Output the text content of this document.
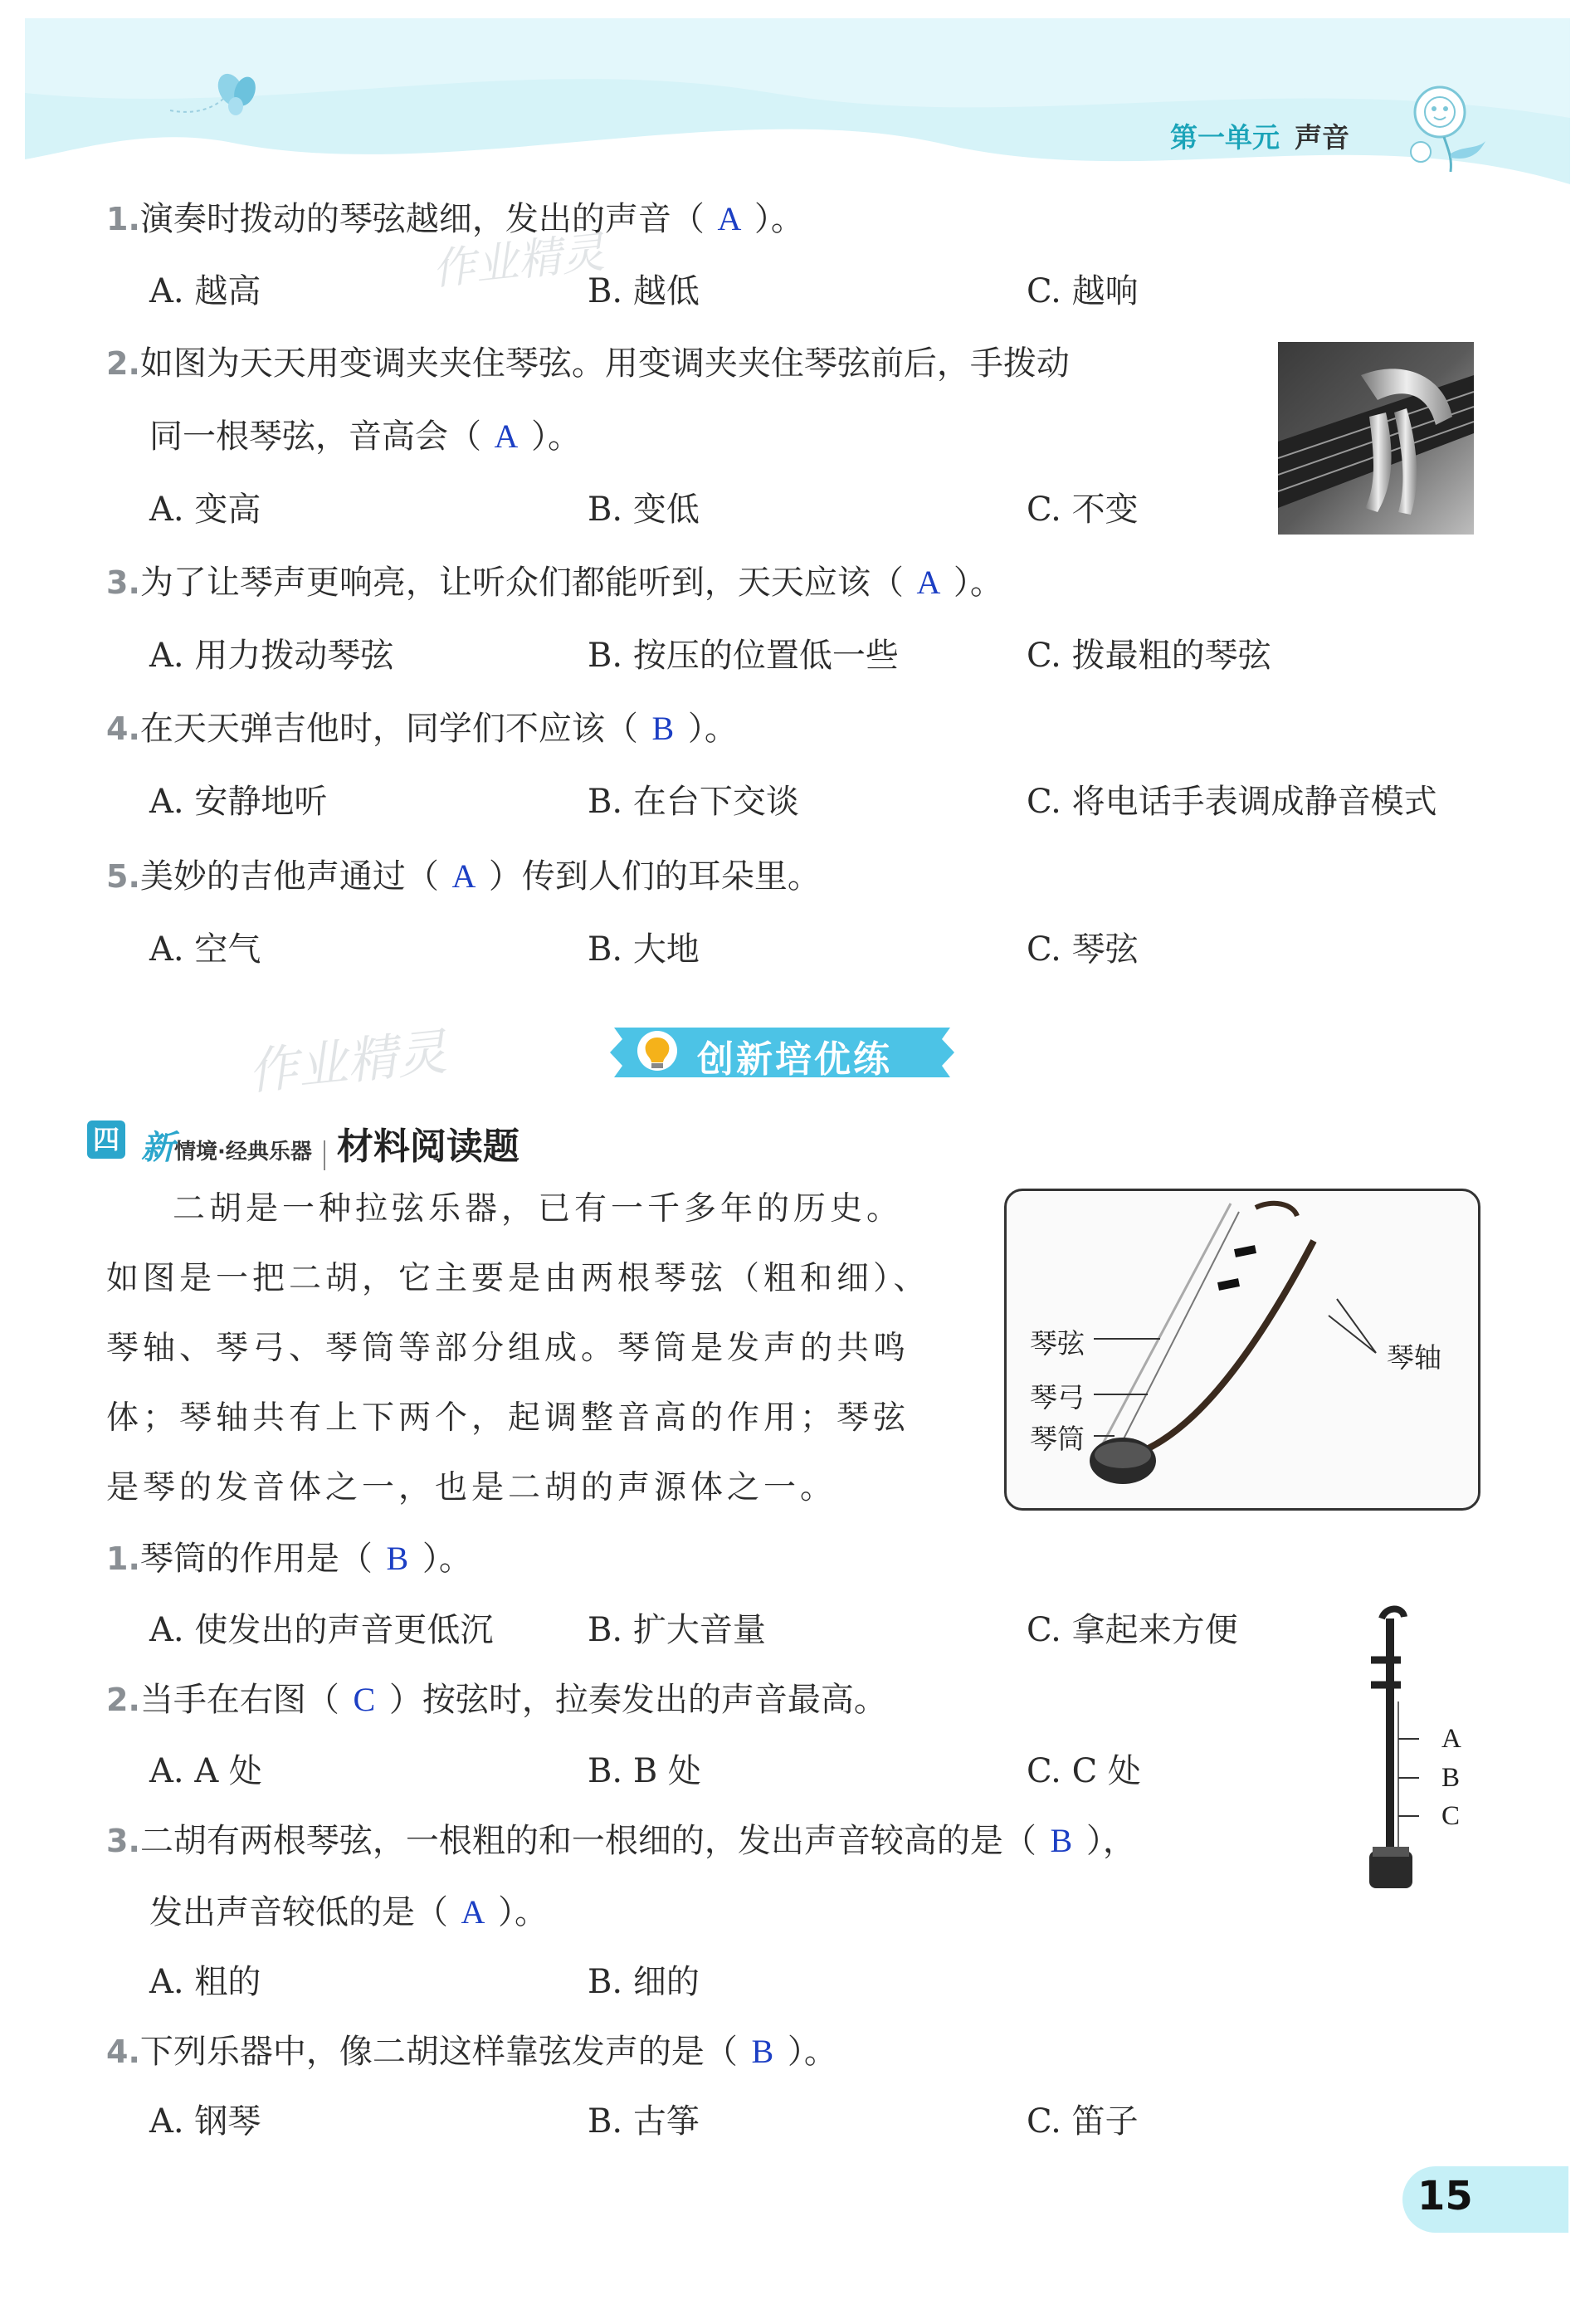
第一单元 声音
作业精灵
作业精灵
1.演奏时拨动的琴弦越细，发出的声音（ A ）。
A. 越高	B. 越低	C. 越响
2.如图为天天用变调夹夹住琴弦。用变调夹夹住琴弦前后，手拨动
同一根琴弦，音高会（ A ）。
A. 变高	B. 变低	C. 不变
3.为了让琴声更响亮，让听众们都能听到，天天应该（ A ）。
A. 用力拨动琴弦	B. 按压的位置低一些	C. 拨最粗的琴弦
4.在天天弹吉他时，同学们不应该（ B ）。
A. 安静地听	B. 在台下交谈	C. 将电话手表调成静音模式
5.美妙的吉他声通过（ A ）传到人们的耳朵里。
A. 空气	B. 大地	C. 琴弦
创新培优练
四 新情境·经典乐器 材料阅读题
二胡是一种拉弦乐器，已有一千多年的历史。
如图是一把二胡，它主要是由两根琴弦（粗和细）、
琴轴、琴弓、琴筒等部分组成。琴筒是发声的共鸣
体；琴轴共有上下两个，起调整音高的作用；琴弦
是琴的发音体之一，也是二胡的声源体之一。
琴弦
琴弓
琴筒
琴轴
1.琴筒的作用是（ B ）。
A. 使发出的声音更低沉	B. 扩大音量	C. 拿起来方便
2.当手在右图（ C ）按弦时，拉奏发出的声音最高。
A. A 处	B. B 处	C. C 处
A
B
C
3.二胡有两根琴弦，一根粗的和一根细的，发出声音较高的是（ B ），
发出声音较低的是（ A ）。
A. 粗的	B. 细的
4.下列乐器中，像二胡这样靠弦发声的是（ B ）。
A. 钢琴	B. 古筝	C. 笛子
15
